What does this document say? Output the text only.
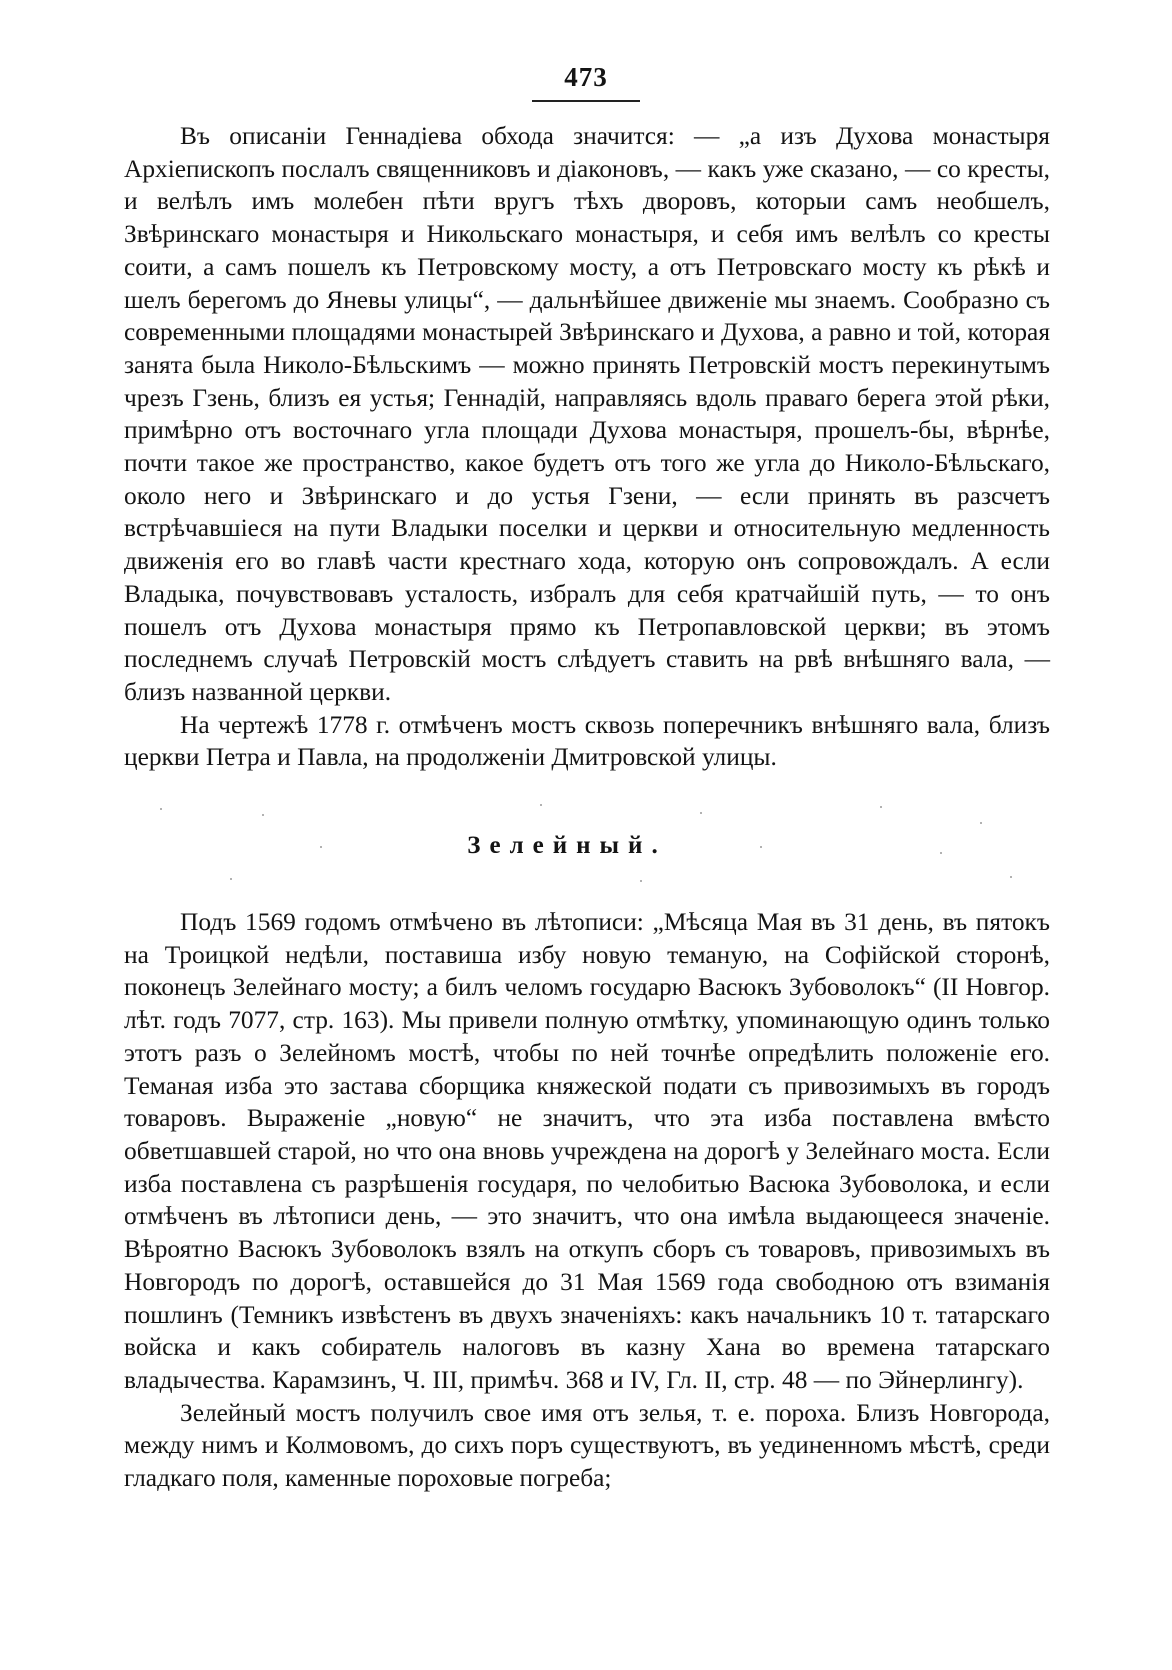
473

Въ описаніи Геннадіева обхода значится: — „а изъ Духова монастыря Архіепископъ послалъ священниковъ и діаконовъ, — какъ уже сказано, — со кресты, и велѣлъ имъ молебен пѣти вругъ тѣхъ дворовъ, которыи самъ необшелъ, Звѣринскаго монастыря и Никольскаго монастыря, и себя имъ велѣлъ со кресты соити, а самъ пошелъ къ Петровскому мосту, а отъ Петровскаго мосту къ рѣкѣ и шелъ берегомъ до Яневы улицы“, — дальнѣйшее движеніе мы знаемъ. Сообразно съ современными площадями монастырей Звѣринскаго и Духова, а равно и той, которая занята была Николо-Бѣльскимъ — можно принять Петровскій мостъ перекинутымъ чрезъ Гзень, близъ ея устья; Геннадій, направляясь вдоль праваго берега этой рѣки, примѣрно отъ восточнаго угла площади Духова монастыря, прошелъ-бы, вѣрнѣе, почти такое же пространство, какое будетъ отъ того же угла до Николо-Бѣльскаго, около него и Звѣринскаго и до устья Гзени, — если принять въ разсчетъ встрѣчавшіеся на пути Владыки поселки и церкви и относительную медленность движенія его во главѣ части крестнаго хода, которую онъ сопровождалъ. А если Владыка, почувствовавъ усталость, избралъ для себя кратчайшій путь, — то онъ пошелъ отъ Духова монастыря прямо къ Петропавловской церкви; въ этомъ последнемъ случаѣ Петровскій мостъ слѣдуетъ ставить на рвѣ внѣшняго вала, — близъ названной церкви.

На чертежѣ 1778 г. отмѣченъ мостъ сквозь поперечникъ внѣшняго вала, близъ церкви Петра и Павла, на продолженіи Дмитровской улицы.

Зелейный.

Подъ 1569 годомъ отмѣчено въ лѣтописи: „Мѣсяца Мая въ 31 день, въ пятокъ на Троицкой недѣли, поставиша избу новую теманую, на Софійской сторонѣ, поконецъ Зелейнаго мосту; а билъ челомъ государю Васюкъ Зубоволокъ“ (II Новгор. лѣт. годъ 7077, стр. 163). Мы привели полную отмѣтку, упоминающую одинъ только этотъ разъ о Зелейномъ мостѣ, чтобы по ней точнѣе опредѣлить положеніе его. Теманая изба это застава сборщика княжеской подати съ привозимыхъ въ городъ товаровъ. Выраженіе „новую“ не значитъ, что эта изба поставлена вмѣсто обветшавшей старой, но что она вновь учреждена на дорогѣ у Зелейнаго моста. Если изба поставлена съ разрѣшенія государя, по челобитью Васюка Зубоволока, и если отмѣченъ въ лѣтописи день, — это значитъ, что она имѣла выдающееся значеніе. Вѣроятно Васюкъ Зубоволокъ взялъ на откупъ сборъ съ товаровъ, привозимыхъ въ Новгородъ по дорогѣ, оставшейся до 31 Мая 1569 года свободною отъ взиманія пошлинъ (Темникъ извѣстенъ въ двухъ значеніяхъ: какъ начальникъ 10 т. татарскаго войска и какъ собиратель налоговъ въ казну Хана во времена татарскаго владычества. Карамзинъ, Ч. III, примѣч. 368 и IV, Гл. II, стр. 48 — по Эйнерлингу).

Зелейный мостъ получилъ свое имя отъ зелья, т. е. пороха. Близъ Новгорода, между нимъ и Колмовомъ, до сихъ поръ существуютъ, въ уединенномъ мѣстѣ, среди гладкаго поля, каменные пороховые погреба;
